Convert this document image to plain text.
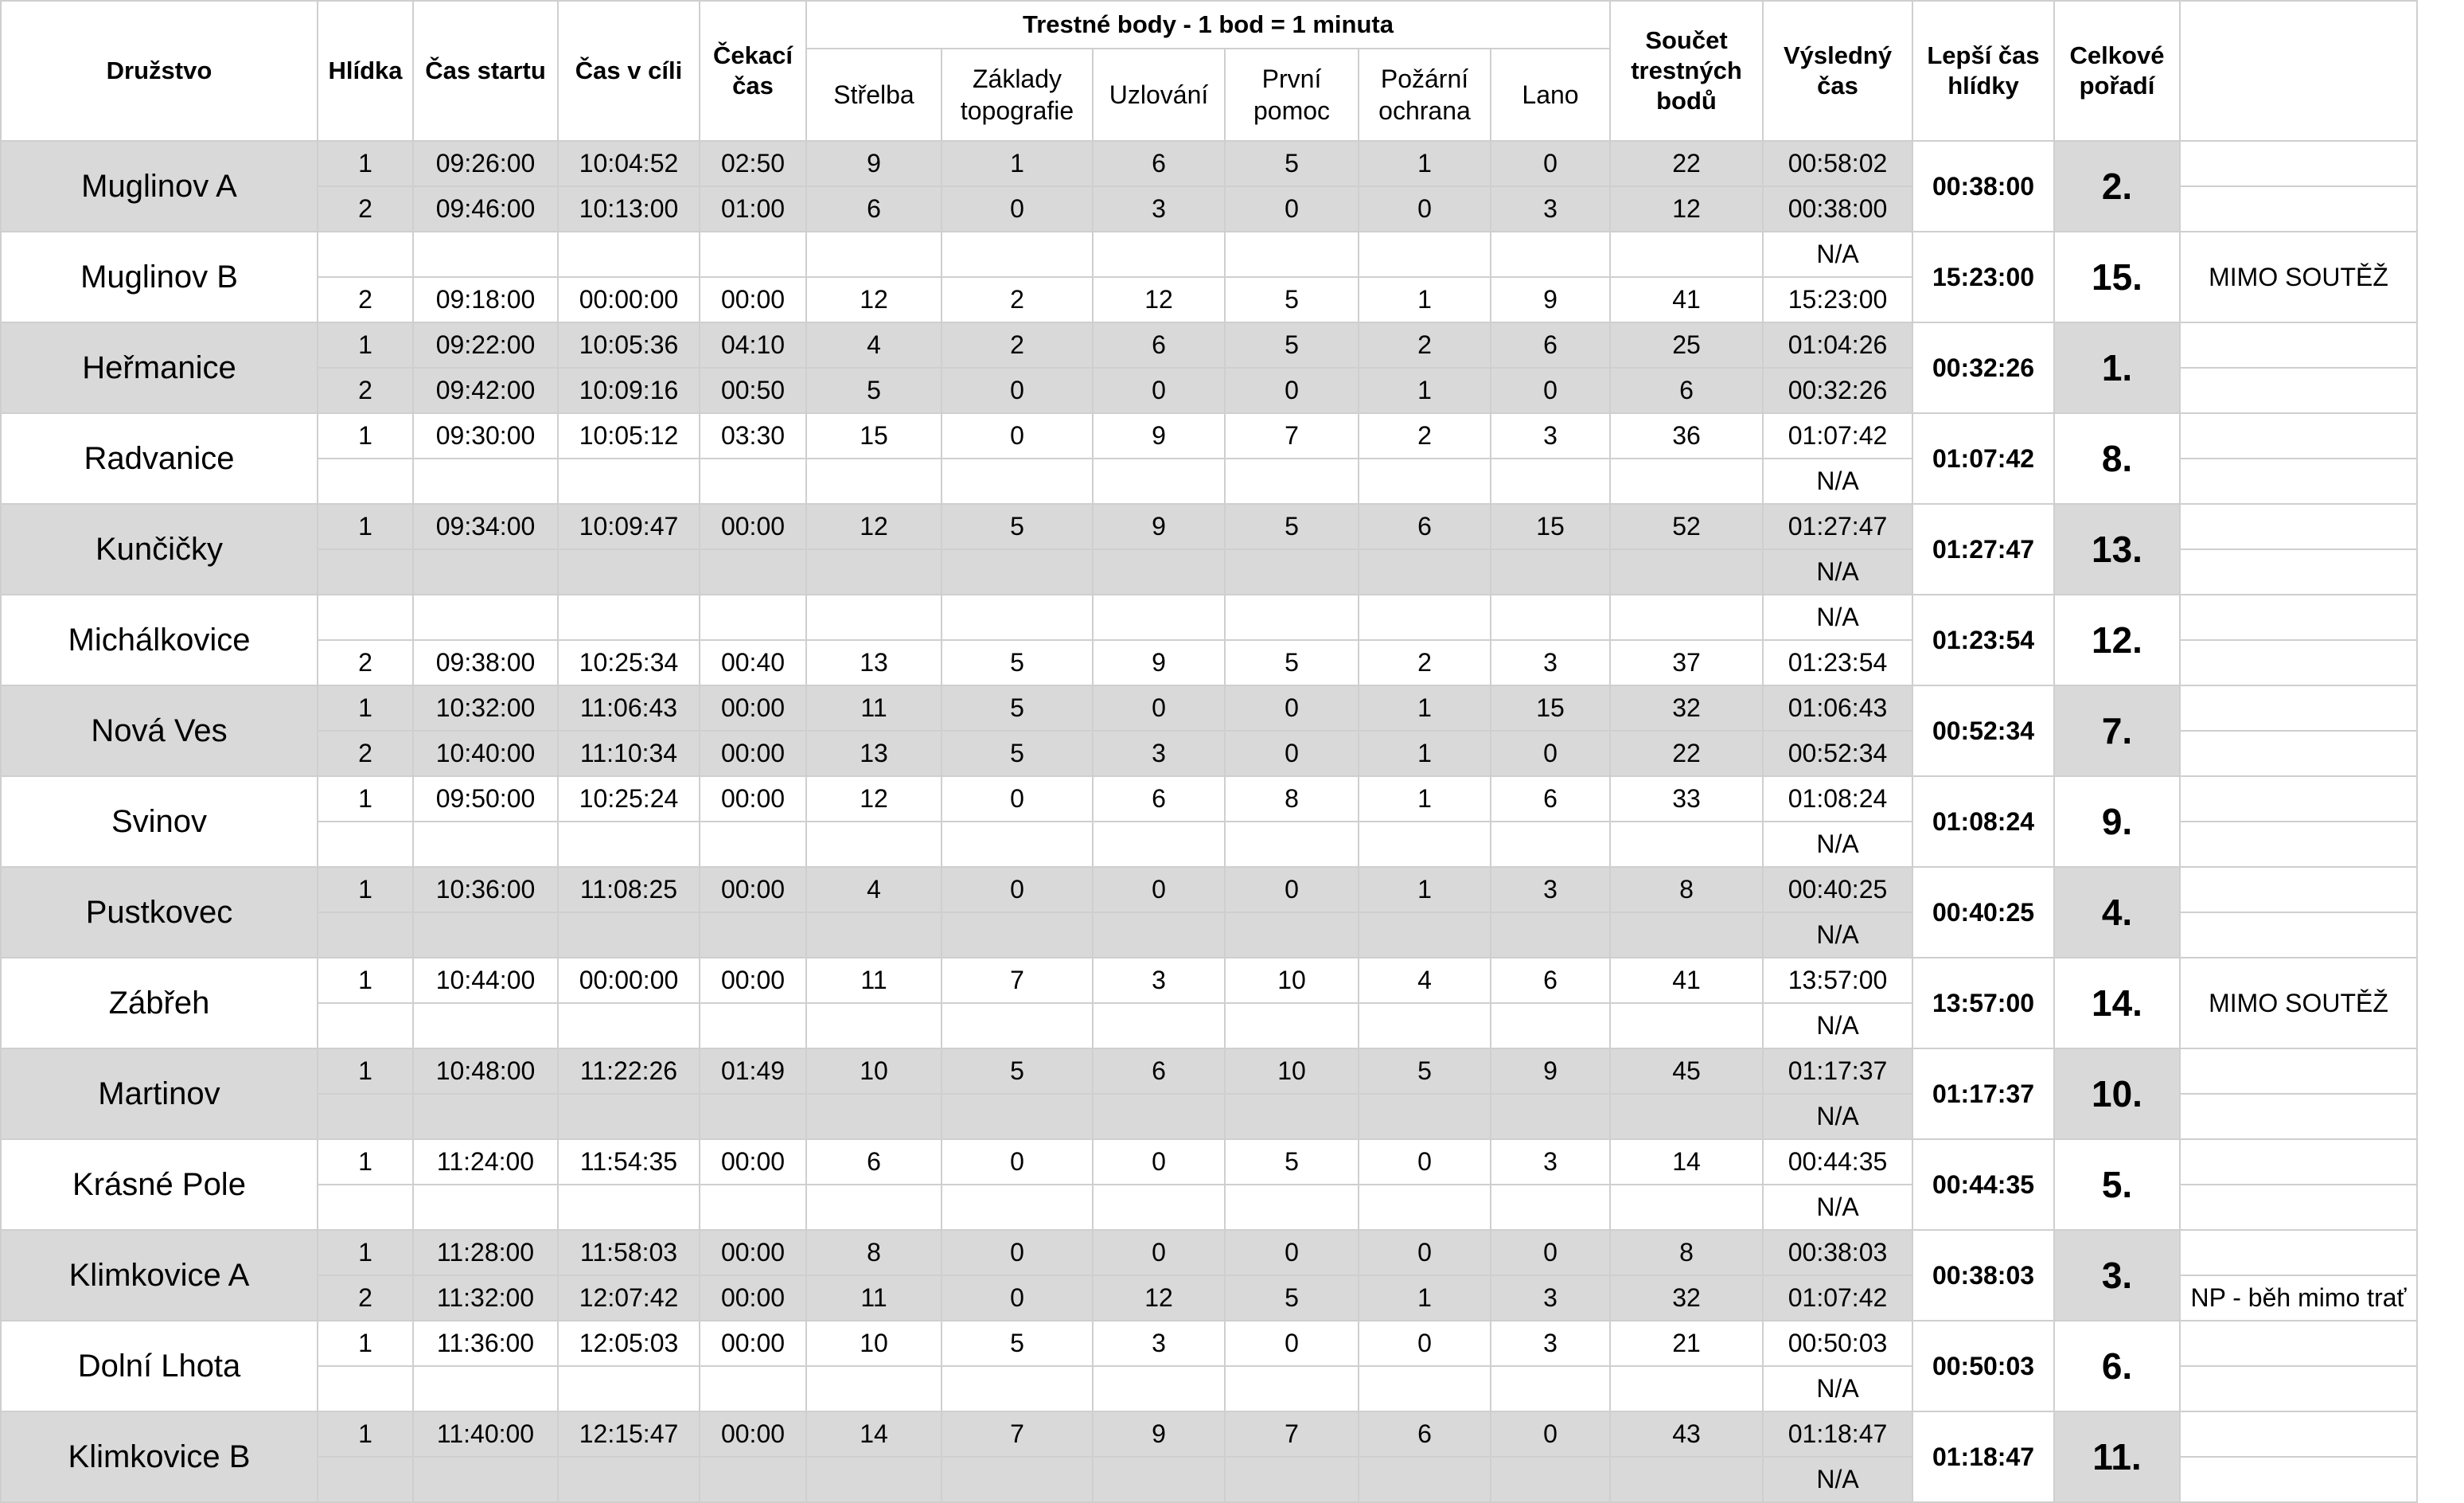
Družstvo	Hlídka	Čas startu	Čas v cíli	Čekací čas	Trestné body - 1 bod = 1 minuta						Součet trestných bodů	Výsledný čas	Lepší čas hlídky	Celkové pořadí	
					Střelba	Základy topografie	Uzlování	První pomoc	Požární ochrana	Lano					
Muglinov A	1	09:26:00	10:04:52	02:50	9	1	6	5	1	0	22	00:58:02	00:38:00	2.	
	2	09:46:00	10:13:00	01:00	6	0	3	0	0	3	12	00:38:00			
Muglinov B												N/A	15:23:00	15.	MIMO SOUTĚŽ
	2	09:18:00	00:00:00	00:00	12	2	12	5	1	9	41	15:23:00			
Heřmanice	1	09:22:00	10:05:36	04:10	4	2	6	5	2	6	25	01:04:26	00:32:26	1.	
	2	09:42:00	10:09:16	00:50	5	0	0	0	1	0	6	00:32:26			
Radvanice	1	09:30:00	10:05:12	03:30	15	0	9	7	2	3	36	01:07:42	01:07:42	8.	
												N/A			
Kunčičky	1	09:34:00	10:09:47	00:00	12	5	9	5	6	15	52	01:27:47	01:27:47	13.	
												N/A			
Michálkovice												N/A	01:23:54	12.	
	2	09:38:00	10:25:34	00:40	13	5	9	5	2	3	37	01:23:54			
Nová Ves	1	10:32:00	11:06:43	00:00	11	5	0	0	1	15	32	01:06:43	00:52:34	7.	
	2	10:40:00	11:10:34	00:00	13	5	3	0	1	0	22	00:52:34			
Svinov	1	09:50:00	10:25:24	00:00	12	0	6	8	1	6	33	01:08:24	01:08:24	9.	
												N/A			
Pustkovec	1	10:36:00	11:08:25	00:00	4	0	0	0	1	3	8	00:40:25	00:40:25	4.	
												N/A			
Zábřeh	1	10:44:00	00:00:00	00:00	11	7	3	10	4	6	41	13:57:00	13:57:00	14.	MIMO SOUTĚŽ
												N/A			
Martinov	1	10:48:00	11:22:26	01:49	10	5	6	10	5	9	45	01:17:37	01:17:37	10.	
												N/A			
Krásné Pole	1	11:24:00	11:54:35	00:00	6	0	0	5	0	3	14	00:44:35	00:44:35	5.	
												N/A			
Klimkovice A	1	11:28:00	11:58:03	00:00	8	0	0	0	0	0	8	00:38:03	00:38:03	3.	
	2	11:32:00	12:07:42	00:00	11	0	12	5	1	3	32	01:07:42			NP - běh mimo trať
Dolní Lhota	1	11:36:00	12:05:03	00:00	10	5	3	0	0	3	21	00:50:03	00:50:03	6.	
												N/A			
Klimkovice B	1	11:40:00	12:15:47	00:00	14	7	9	7	6	0	43	01:18:47	01:18:47	11.	
												N/A			
